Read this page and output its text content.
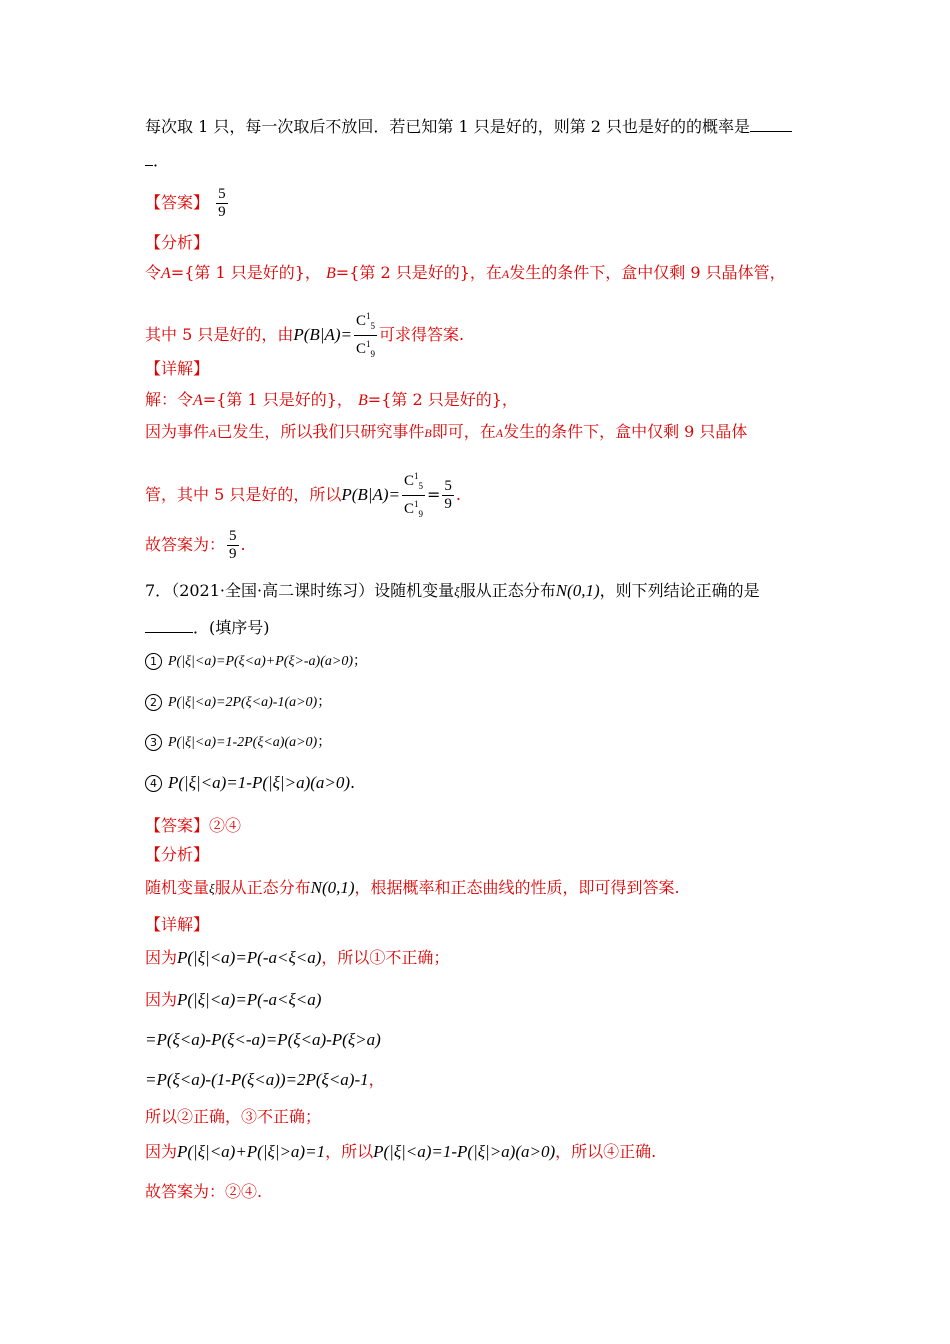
每次取 1 只，每一次取后不放回．若已知第 1 只是好的，则第 2 只也是好的的概率是
．
【答案】 $\frac{5}{9}$
【分析】
令A={第 1 只是好的}， B={第 2 只是好的}，在A发生的条件下，盒中仅剩 9 只晶体管，
其中 5 只是好的，由$P(B|A)= \frac{C^1_5}{C^1_9}$ 可求得答案.
【详解】
解：令A={第 1 只是好的}， B={第 2 只是好的}，
因为事件A已发生，所以我们只研究事件B即可，在A发生的条件下，盒中仅剩 9 只晶体
管，其中 5 只是好的，所以$P(B|A)= \frac{C^1_5}{C^1_9} = \frac{5}{9}$ .
故答案为： $\frac{5}{9}$ .
7．（2021·全国·高二课时练习）设随机变量ξ服从正态分布N(0,1)，则下列结论正确的是
．(填序号)
1 P(|ξ|<a)=P(ξ<a)+P(ξ>-a)(a>0)；
2 P(|ξ|<a)=2P(ξ<a)-1(a>0)；
3 P(|ξ|<a)=1-2P(ξ<a)(a>0)；
4 P(|ξ|<a)=1-P(|ξ|>a)(a>0).
【答案】②④
【分析】
随机变量ξ服从正态分布N(0,1)，根据概率和正态曲线的性质，即可得到答案.
【详解】
因为P(|ξ|<a)=P(-a<ξ<a)，所以①不正确；
因为P(|ξ|<a)=P(-a<ξ<a)
=P(ξ<a)-P(ξ<-a)=P(ξ<a)-P(ξ>a)
=P(ξ<a)-(1-P(ξ<a))=2P(ξ<a)-1，
所以②正确，③不正确；
因为P(|ξ|<a)+P(|ξ|>a)=1，所以P(|ξ|<a)=1-P(|ξ|>a)(a>0)，所以④正确.
故答案为：②④.
